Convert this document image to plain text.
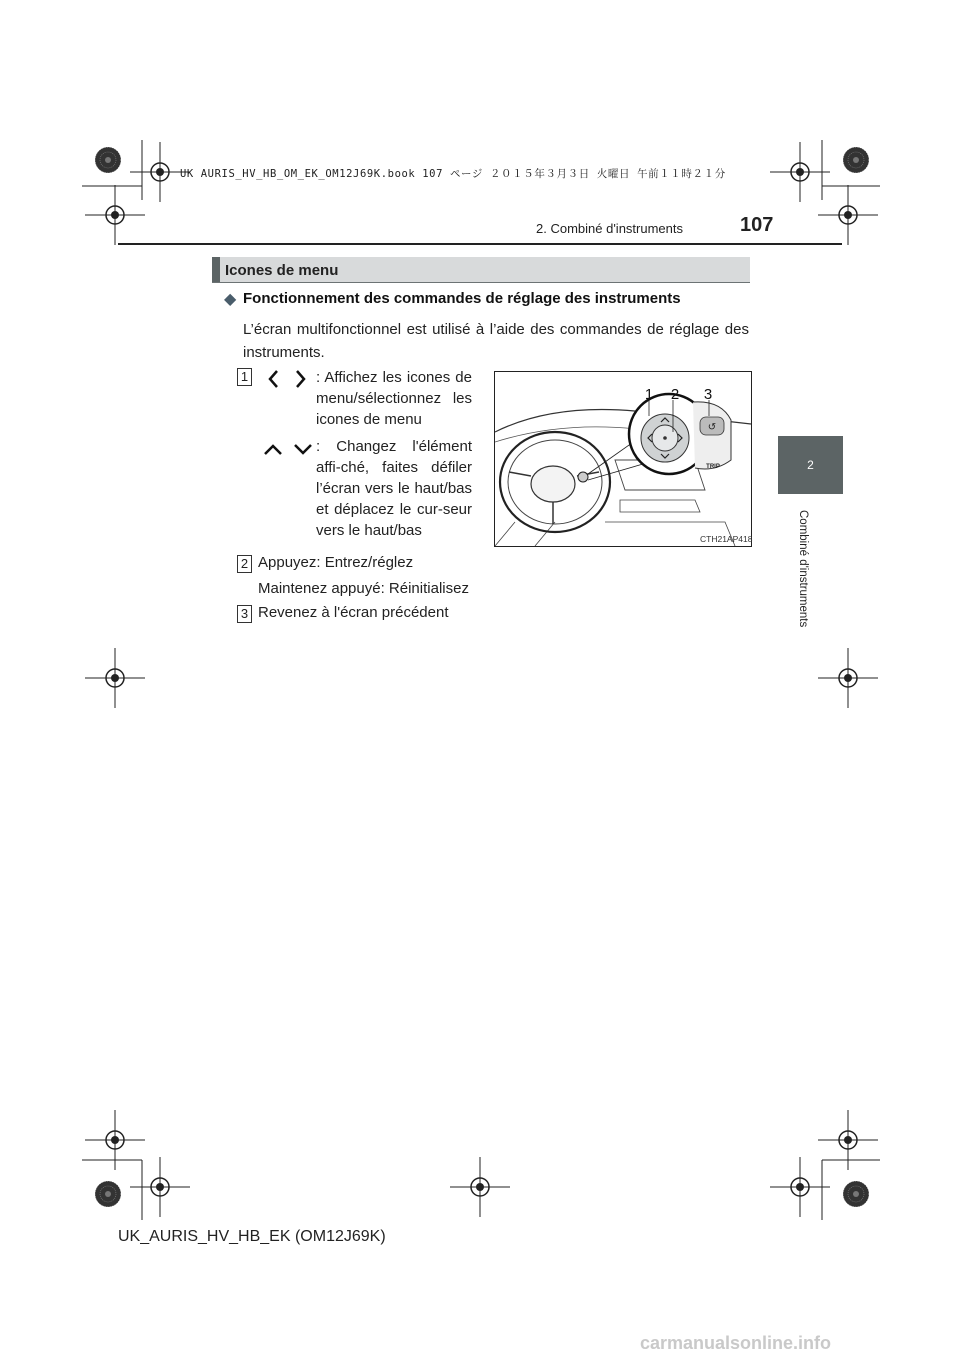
UK AURIS_HV_HB_OM_EK_OM12J69K.book 107 ページ ２０１５年３月３日 火曜日 午前１１時２１分
2. Combiné d'instruments	107
2
Combiné d'instruments
Icones de menu
◆ Fonctionnement des commandes de réglage des instruments
L’écran multifonctionnel est utilisé à l’aide des commandes de réglage des instruments.
1	: Affichez les icones de menu/sélectionnez les icones de menu
: Changez l'élément affi-ché, faites défiler l’écran vers le haut/bas et déplacez le cur-seur vers le haut/bas
2 Appuyez: Entrez/réglez
Maintenez appuyé: Réinitialisez
3 Revenez à l'écran précédent
↺
TRIP
1 2 3
CTH21AP418
UK_AURIS_HV_HB_EK (OM12J69K)
carmanualsonline.info
